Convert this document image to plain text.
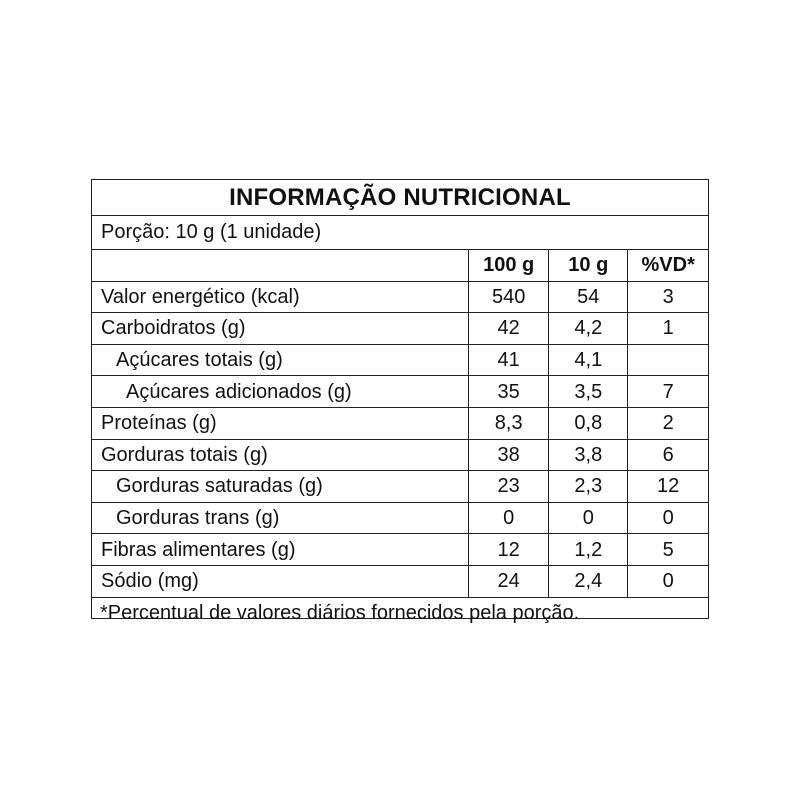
INFORMAÇÃO NUTRICIONAL
Porção: 10 g (1 unidade)
	100 g	10 g	%VD*
Valor energético (kcal)	540	54	3
Carboidratos (g)	42	4,2	1
Açúcares totais (g)	41	4,1	
Açúcares adicionados (g)	35	3,5	7
Proteínas (g)	8,3	0,8	2
Gorduras totais (g)	38	3,8	6
Gorduras saturadas (g)	23	2,3	12
Gorduras trans (g)	0	0	0
Fibras alimentares (g)	12	1,2	5
Sódio (mg)	24	2,4	0
*Percentual de valores diários fornecidos pela porção.
